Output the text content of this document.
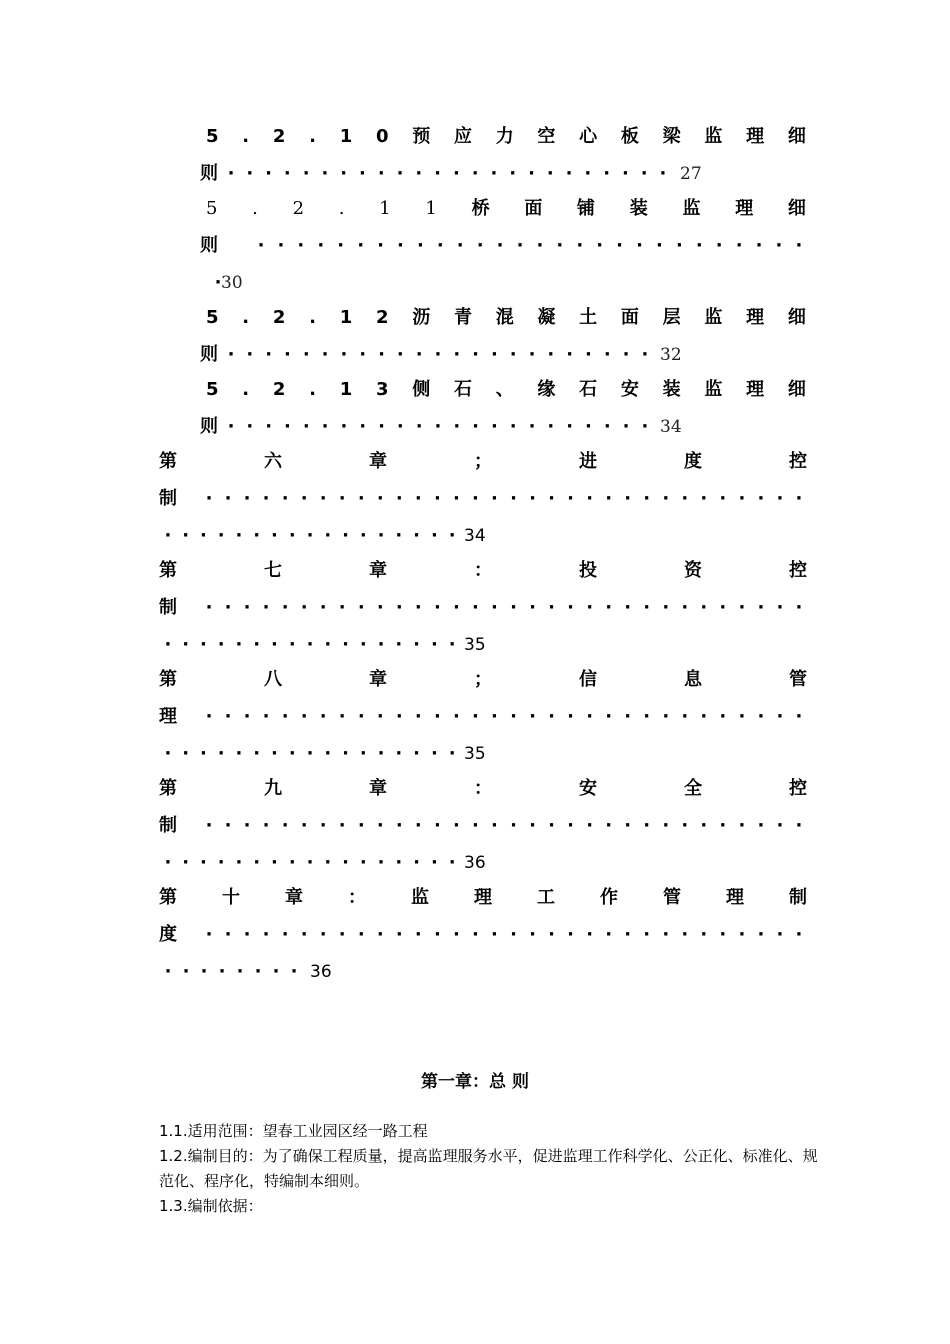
5 . 2 . 1 0 预 应 力 空 心 板 梁 监 理 细
则 · · · · · · · · · · · · · · · · · · · · · · · · 27
5 . 2 . 1 1 桥 面 铺 装 监 理 细
则	· · · · · · · · · · · · · · · · · · · · · · · · · · · ·
· 30
5 . 2 . 1 2 沥 青 混 凝 土 面 层 监 理 细
则 · · · · · · · · · · · · · · · · · · · · · · · 32
5 . 2 . 1 3 侧 石 、 缘 石 安 装 监 理 细
则 · · · · · · · · · · · · · · · · · · · · · · · 34
第	六	章	；	进	度	控
制	· · · · · · · · · · · · · · · · · · · · · · · · · · · · · · · ·
· · · · · · · · · · · · · · · · · 34
第	七	章	：	投	资	控
制	· · · · · · · · · · · · · · · · · · · · · · · · · · · · · · · ·
· · · · · · · · · · · · · · · · · 35
第	八	章	；	信	息	管
理	· · · · · · · · · · · · · · · · · · · · · · · · · · · · · · · ·
· · · · · · · · · · · · · · · · · 35
第	九	章	：	安	全	控
制	· · · · · · · · · · · · · · · · · · · · · · · · · · · · · · · ·
· · · · · · · · · · · · · · · · · 36
第	十	章	：	监	理	工	作	管	理	制
度	· · · · · · · · · · · · · · · · · · · · · · · · · · · · · · · ·
· · · · · · · · 36
第一章：总 则
1.1.适用范围：望春工业园区经一路工程
1.2.编制目的：为了确保工程质量，提高监理服务水平，促进监理工作科学化、公正化、标准化、规范化、程序化，特编制本细则。
1.3.编制依据：
